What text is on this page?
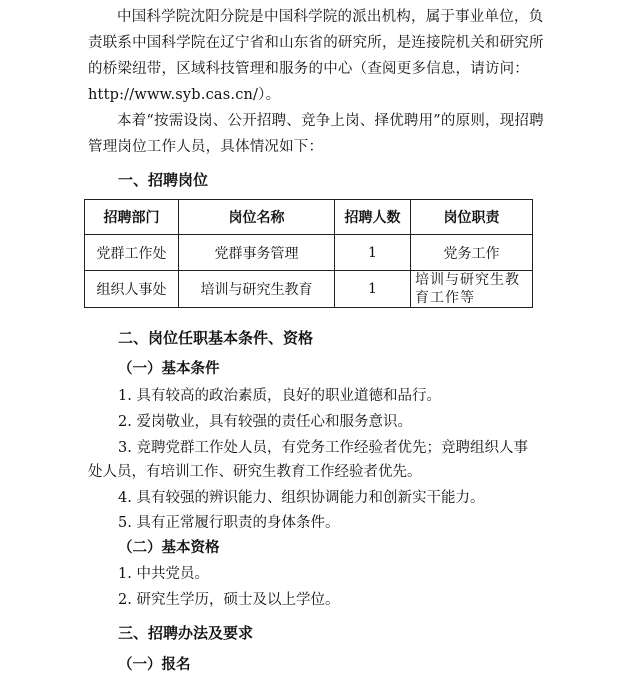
中国科学院沈阳分院是中国科学院的派出机构，属于事业单位，负责联系中国科学院在辽宁省和山东省的研究所，是连接院机关和研究所的桥梁纽带，区域科技管理和服务的中心（查阅更多信息，请访问：http://www.syb.cas.cn/）。
本着“按需设岗、公开招聘、竞争上岗、择优聘用”的原则，现招聘管理岗位工作人员，具体情况如下：
一、招聘岗位
招聘部门	岗位名称	招聘人数	岗位职责
党群工作处	党群事务管理	1	党务工作
组织人事处	培训与研究生教育	1	培训与研究生教育工作等
二、岗位任职基本条件、资格
（一）基本条件
1. 具有较高的政治素质，良好的职业道德和品行。
2. 爱岗敬业，具有较强的责任心和服务意识。
3. 竞聘党群工作处人员，有党务工作经验者优先；竞聘组织人事
处人员，有培训工作、研究生教育工作经验者优先。
4. 具有较强的辨识能力、组织协调能力和创新实干能力。
5. 具有正常履行职责的身体条件。
（二）基本资格
1. 中共党员。
2. 研究生学历，硕士及以上学位。
三、招聘办法及要求
（一）报名
